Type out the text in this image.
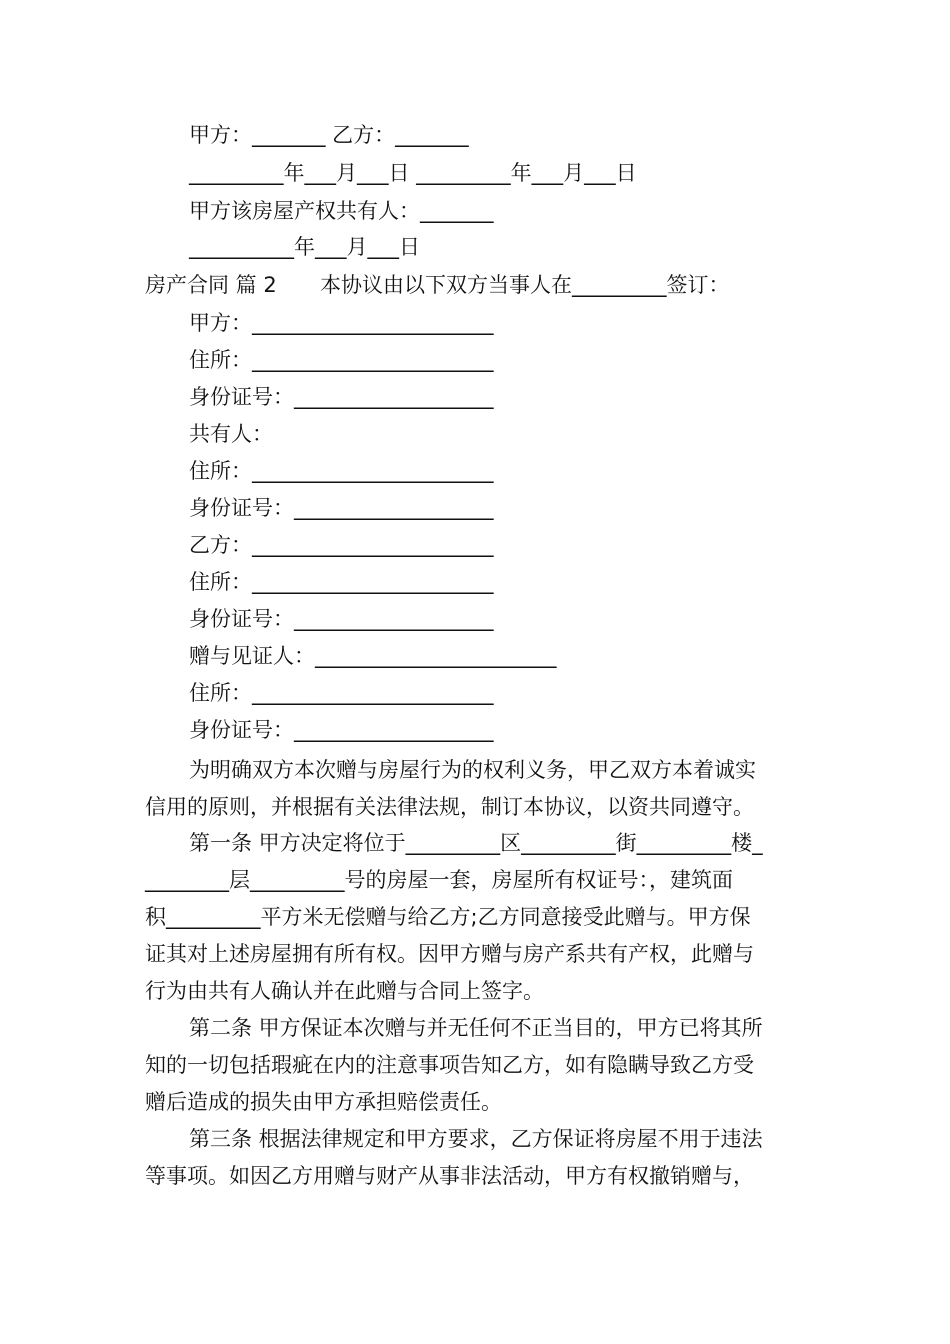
甲方：_______ 乙方：_______
_________年___月___日 _________年___月___日
甲方该房屋产权共有人：_______
__________年___月___日
房产合同 篇 2 本协议由以下双方当事人在_________签订：
甲方：_______________________
住所：_______________________
身份证号：___________________
共有人：
住所：_______________________
身份证号：___________________
乙方：_______________________
住所：_______________________
身份证号：___________________
赠与见证人：_______________________
住所：_______________________
身份证号：___________________
为明确双方本次赠与房屋行为的权利义务，甲乙双方本着诚实
信用的原则，并根据有关法律法规，制订本协议，以资共同遵守。
第一条 甲方决定将位于_________区_________街_________楼_
________层_________号的房屋一套，房屋所有权证号：，建筑面
积_________平方米无偿赠与给乙方;乙方同意接受此赠与。甲方保
证其对上述房屋拥有所有权。因甲方赠与房产系共有产权，此赠与
行为由共有人确认并在此赠与合同上签字。
第二条 甲方保证本次赠与并无任何不正当目的，甲方已将其所
知的一切包括瑕疵在内的注意事项告知乙方，如有隐瞒导致乙方受
赠后造成的损失由甲方承担赔偿责任。
第三条 根据法律规定和甲方要求，乙方保证将房屋不用于违法
等事项。如因乙方用赠与财产从事非法活动，甲方有权撤销赠与，
